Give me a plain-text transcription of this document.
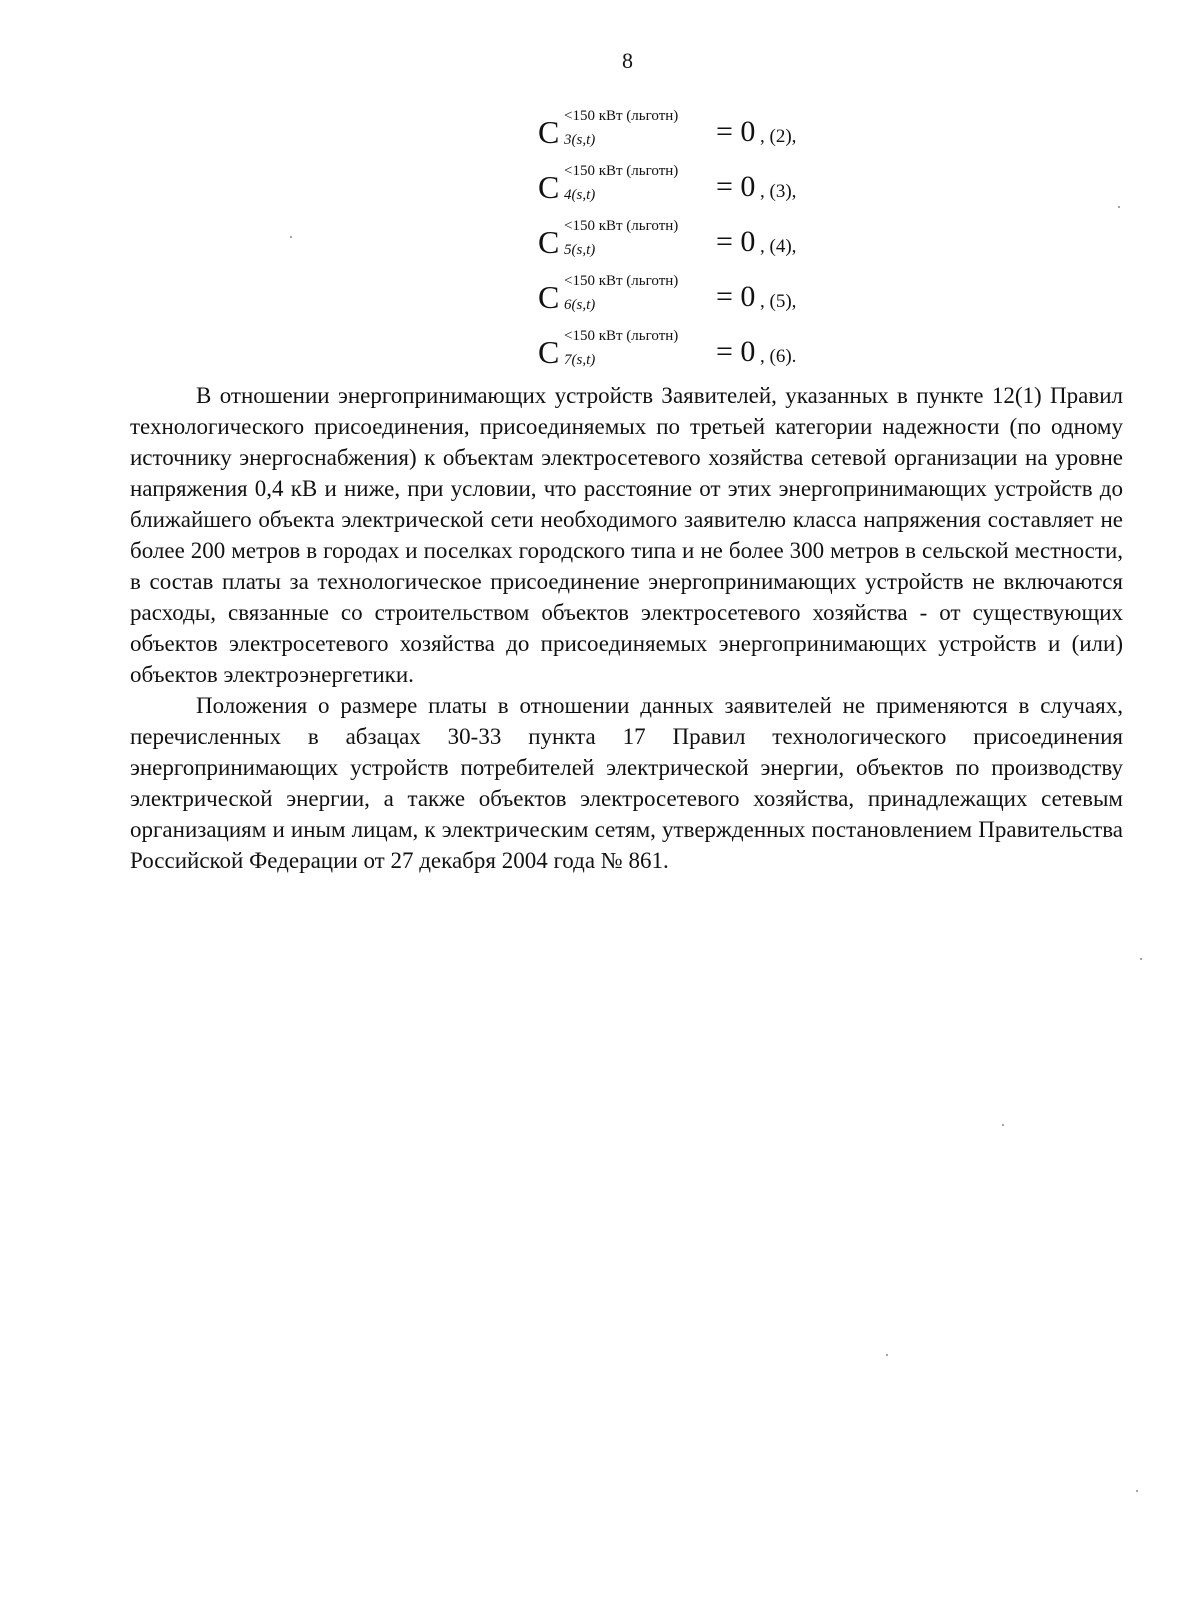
8
C <150 кВт (льготн)
3(s,t)	= 0 , (2),
C <150 кВт (льготн)
4(s,t)	= 0 , (3),
C <150 кВт (льготн)
5(s,t)	= 0 , (4),
C <150 кВт (льготн)
6(s,t)	= 0 , (5),
C <150 кВт (льготн)
7(s,t)	= 0 , (6).

В отношении энергопринимающих устройств Заявителей, указанных в пункте 12(1) Правил технологического присоединения, присоединяемых по третьей категории надежности (по одному источнику энергоснабжения) к объектам электросетевого хозяйства сетевой организации на уровне напряжения 0,4 кВ и ниже, при условии, что расстояние от этих энергопринимающих устройств до ближайшего объекта электрической сети необходимого заявителю класса напряжения составляет не более 200 метров в городах и поселках городского типа и не более 300 метров в сельской местности, в состав платы за технологическое присоединение энергопринимающих устройств не включаются расходы, связанные со строительством объектов электросетевого хозяйства - от существующих объектов электросетевого хозяйства до присоединяемых энергопринимающих устройств и (или) объектов электроэнергетики.

Положения о размере платы в отношении данных заявителей не применяются в случаях, перечисленных в абзацах 30-33 пункта 17 Правил технологического присоединения энергопринимающих устройств потребителей электрической энергии, объектов по производству электрической энергии, а также объектов электросетевого хозяйства, принадлежащих сетевым организациям и иным лицам, к электрическим сетям, утвержденных постановлением Правительства Российской Федерации от 27 декабря 2004 года № 861.
